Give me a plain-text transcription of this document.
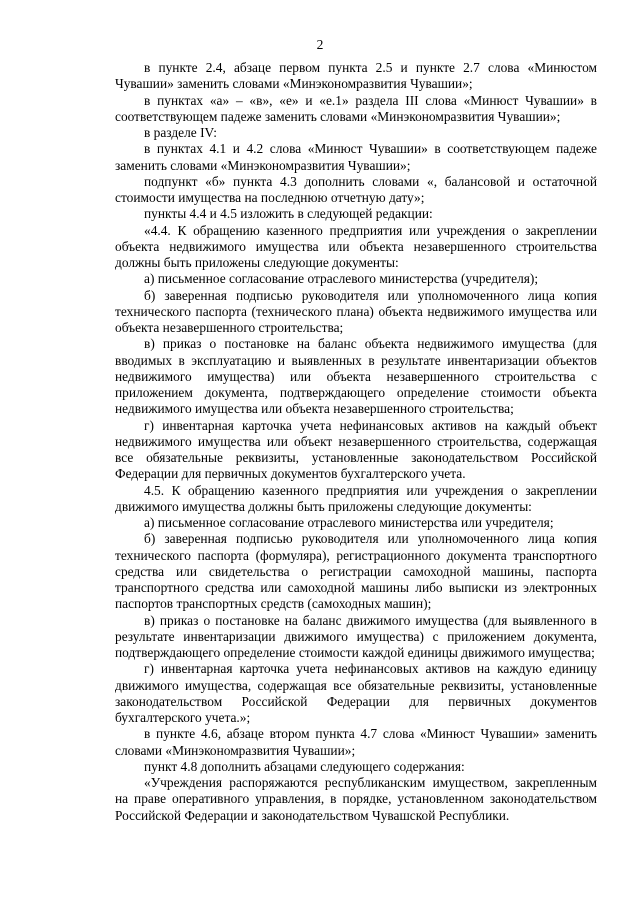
2

в пункте 2.4, абзаце первом пункта 2.5 и пункте 2.7 слова «Минюстом Чувашии» заменить словами «Минэкономразвития Чувашии»;

в пунктах «а» – «в», «е» и «е.1» раздела III слова «Минюст Чувашии» в соответствующем падеже заменить словами «Минэкономразвития Чувашии»;

в разделе IV:

в пунктах 4.1 и 4.2 слова «Минюст Чувашии» в соответствующем падеже заменить словами «Минэкономразвития Чувашии»;

подпункт «б» пункта 4.3 дополнить словами «, балансовой и остаточной стоимости имущества на последнюю отчетную дату»;

пункты 4.4 и 4.5 изложить в следующей редакции:

«4.4. К обращению казенного предприятия или учреждения о закреплении объекта недвижимого имущества или объекта незавершенного строительства должны быть приложены следующие документы:

а) письменное согласование отраслевого министерства (учредителя);

б) заверенная подписью руководителя или уполномоченного лица копия технического паспорта (технического плана) объекта недвижимого имущества или объекта незавершенного строительства;

в) приказ о постановке на баланс объекта недвижимого имущества (для вводимых в эксплуатацию и выявленных в результате инвентаризации объектов недвижимого имущества) или объекта незавершенного строительства с приложением документа, подтверждающего определение стоимости объекта недвижимого имущества или объекта незавершенного строительства;

г) инвентарная карточка учета нефинансовых активов на каждый объект недвижимого имущества или объект незавершенного строительства, содержащая все обязательные реквизиты, установленные законодательством Российской Федерации для первичных документов бухгалтерского учета.

4.5. К обращению казенного предприятия или учреждения о закреплении движимого имущества должны быть приложены следующие документы:

а) письменное согласование отраслевого министерства или учредителя;

б) заверенная подписью руководителя или уполномоченного лица копия технического паспорта (формуляра), регистрационного документа транспортного средства или свидетельства о регистрации самоходной машины, паспорта транспортного средства или самоходной машины либо выписки из электронных паспортов транспортных средств (самоходных машин);

в) приказ о постановке на баланс движимого имущества (для выявленного в результате инвентаризации движимого имущества) с приложением документа, подтверждающего определение стоимости каждой единицы движимого имущества;

г) инвентарная карточка учета нефинансовых активов на каждую единицу движимого имущества, содержащая все обязательные реквизиты, установленные законодательством Российской Федерации для первичных документов бухгалтерского учета.»;

в пункте 4.6, абзаце втором пункта 4.7 слова «Минюст Чувашии» заменить словами «Минэкономразвития Чувашии»;

пункт 4.8 дополнить абзацами следующего содержания:

«Учреждения распоряжаются республиканским имуществом, закрепленным на праве оперативного управления, в порядке, установленном законодательством Российской Федерации и законодательством Чувашской Республики.
